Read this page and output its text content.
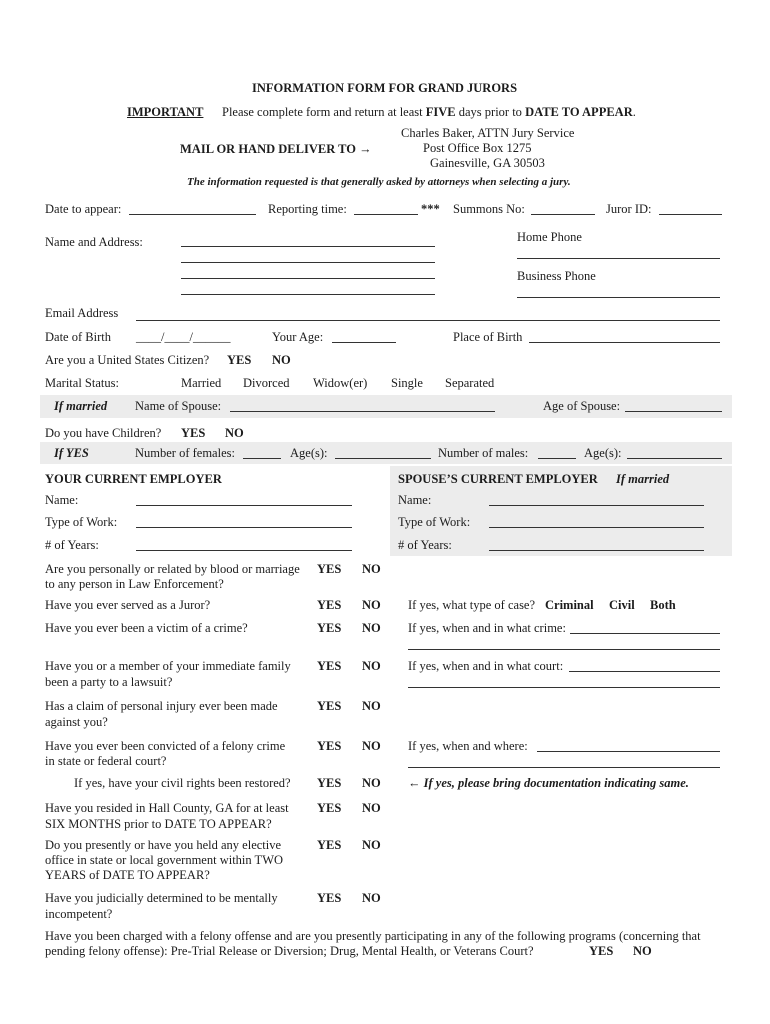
INFORMATION FORM FOR GRAND JURORS
IMPORTANT Please complete form and return at least FIVE days prior to DATE TO APPEAR.
MAIL OR HAND DELIVER TO →
Charles Baker, ATTN Jury Service
Post Office Box 1275
Gainesville, GA 30503
The information requested is that generally asked by attorneys when selecting a jury.
Date to appear:	Reporting time:	*** Summons No:	Juror ID:
Name and Address:	Home Phone
Business Phone
Email Address
Date of Birth ____/____/______	Your Age:	Place of Birth
Are you a United States Citizen? YES NO
Marital Status:	Married Divorced Widow(er) Single Separated
If married Name of Spouse:	Age of Spouse:
Do you have Children? YES NO
If YES	Number of females:	Age(s):	Number of males:	Age(s):
YOUR CURRENT EMPLOYER	SPOUSE’S CURRENT EMPLOYER If married
Name:	Name:
Type of Work:	Type of Work:
# of Years:	# of Years:
Are you personally or related by blood or marriage
to any person in Law Enforcement?
YES NO
Have you ever served as a Juror?	YES NO If yes, what type of case? Criminal Civil Both
Have you ever been a victim of a crime?	YES NO If yes, when and in what crime:
Have you or a member of your immediate family
been a party to a lawsuit?
YES NO If yes, when and in what court:
Has a claim of personal injury ever been made
against you?
YES NO
Have you ever been convicted of a felony crime
in state or federal court?
YES NO If yes, when and where:
If yes, have your civil rights been restored? YES NO ← If yes, please bring documentation indicating same.
Have you resided in Hall County, GA for at least
SIX MONTHS prior to DATE TO APPEAR?
YES NO
Do you presently or have you held any elective
office in state or local government within TWO
YEARS of DATE TO APPEAR?
YES NO
Have you judicially determined to be mentally
incompetent?
YES NO
Have you been charged with a felony offense and are you presently participating in any of the following programs (concerning that
pending felony offense): Pre-Trial Release or Diversion; Drug, Mental Health, or Veterans Court?	YES NO
